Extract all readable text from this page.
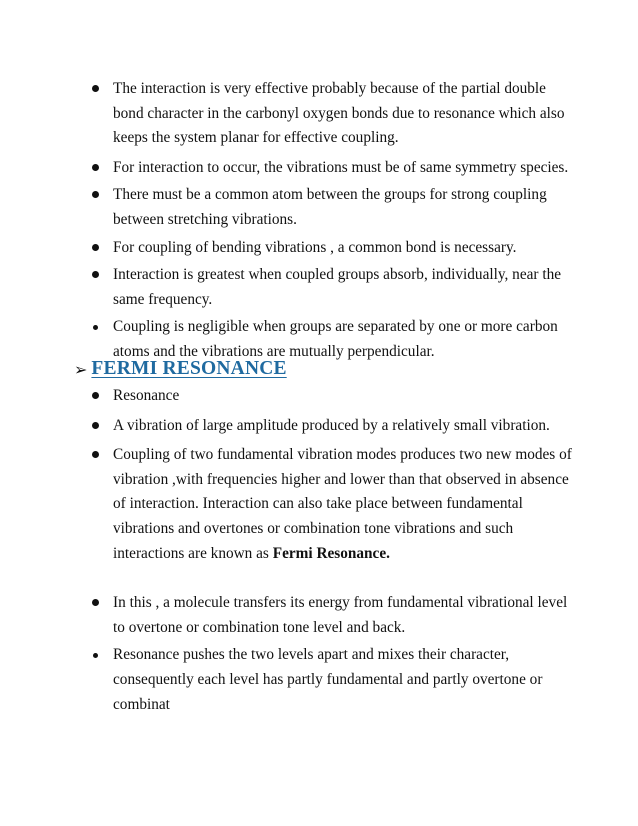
The interaction is very effective probably because of the partial double bond character in the carbonyl oxygen bonds due to resonance which also keeps the system planar for effective coupling.
For interaction to occur, the vibrations must be of same symmetry species.
There must be a common atom between the groups for strong coupling between stretching vibrations.
For coupling of bending vibrations , a common bond is necessary.
Interaction is greatest when coupled groups absorb, individually, near the same frequency.
Coupling is negligible when groups are separated by one or more carbon atoms and the vibrations are mutually perpendicular.
➢ FERMI RESONANCE
Resonance
A vibration of large amplitude produced by a relatively small vibration.
Coupling of two fundamental vibration modes produces two new modes of vibration ,with frequencies higher and lower than that observed in absence of interaction. Interaction can also take place between fundamental vibrations and overtones or combination tone vibrations and such interactions are known as Fermi Resonance.
In this , a molecule transfers its energy from fundamental vibrational level to overtone or combination tone level and back.
Resonance pushes the two levels apart and mixes their character, consequently each level has partly fundamental and partly overtone or combinat
